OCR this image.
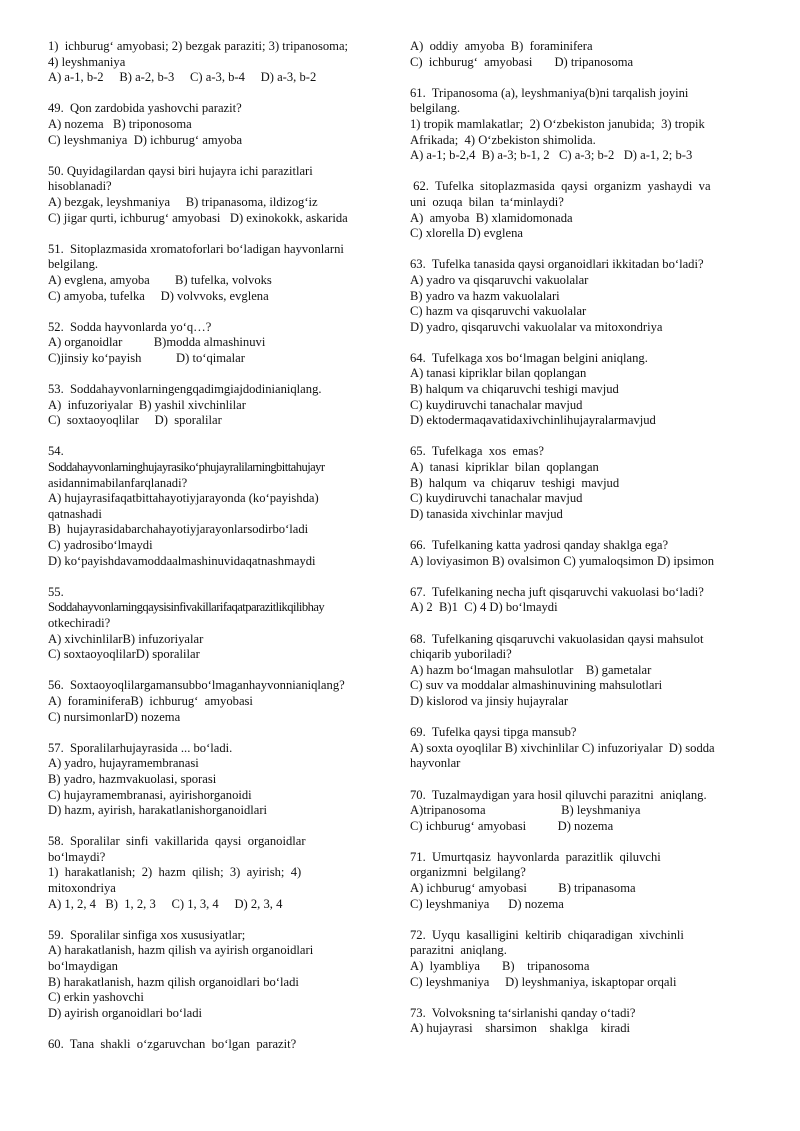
1)  ichburug‘ amyobasi; 2) bezgak paraziti; 3) tripanosoma;
4) leyshmaniya
A) a-1, b-2     B) a-2, b-3     C) a-3, b-4     D) a-3, b-2
49.  Qon zardobida yashovchi parazit?
A) nozema   B) triponosoma
C) leyshmaniya  D) ichburug‘ amyoba
50. Quyidagilardan qaysi biri hujayra ichi parazitlari
hisoblanadi?
A) bezgak, leyshmaniya     B) tripanasoma, ildizog‘iz
C) jigar qurti, ichburug‘ amyobasi   D) exinokokk, askarida
51.  Sitoplazmasida xromatoforlari bo‘ladigan hayvonlarni
belgilang.
A) evglena, amyoba        B) tufelka, volvoks
C) amyoba, tufelka     D) volvvoks, evglena
52.  Sodda hayvonlarda yo‘q…?
A) organoidlar          B)modda almashinuvi
C)jinsiy ko‘payish           D) to‘qimalar
53.  Soddahayvonlarningengqadimgiajdodinianiqlang.
A)  infuzoriyalar  B) yashil xivchinlilar
C)  soxtaoyoqlilar     D)  sporalilar
54.
Soddahayvonlarninghujayrasiko‘phujayralilarningbittahujayr
asidannimabilanfarqlanadi?
A) hujayrasifaqatbittahayotiyjarayonda (ko‘payishda)
qatnashadi
B)  hujayrasidabarchahayotiyjarayonlarsodirbo‘ladi
C) yadrosibo‘lmaydi
D) ko‘payishdavamoddaalmashinuvidaqatnashmaydi
55.
Soddahayvonlarningqaysisinfivakillarifaqatparazitlikqilibhay
otkechiradi?
A) xivchinlilarB) infuzoriyalar
C) soxtaoyoqlilarD) sporalilar
56.  Soxtaoyoqlilargamansubbo‘lmaganhayvonnianiqlang?
A)  foraminiferaB)  ichburug‘  amyobasi
C) nursimonlarD) nozema
57.  Sporalilarhujayrasida ... bo‘ladi.
A) yadro, hujayramembranasi
B) yadro, hazmvakuolasi, sporasi
C) hujayramembranasi, ayirishorganoidi
D) hazm, ayirish, harakatlanishorganoidlari
58.  Sporalilar  sinfi  vakillarida  qaysi  organoidlar
bo‘lmaydi?
1)  harakatlanish;  2)  hazm  qilish;  3)  ayirish;  4)
mitoxondriya
A) 1, 2, 4   B)  1, 2, 3     C) 1, 3, 4     D) 2, 3, 4
59.  Sporalilar sinfiga xos xususiyatlar;
A) harakatlanish, hazm qilish va ayirish organoidlari
bo‘lmaydigan
B) harakatlanish, hazm qilish organoidlari bo‘ladi
C) erkin yashovchi
D) ayirish organoidlari bo‘ladi
60.  Tana  shakli  o‘zgaruvchan  bo‘lgan  parazit?
A)  oddiy  amyoba  B)  foraminifera
C)  ichburug‘  amyobasi       D) tripanosoma
61.  Tripanosoma (a), leyshmaniya(b)ni tarqalish joyini
belgilang.
1) tropik mamlakatlar;  2) O‘zbekiston janubida;  3) tropik
Afrikada;  4) O‘zbekiston shimolida.
A) a-1; b-2,4  B) a-3; b-1, 2   C) a-3; b-2   D) a-1, 2; b-3
62.  Tufelka  sitoplazmasida  qaysi  organizm  yashaydi  va
uni  ozuqa  bilan  ta‘minlaydi?
A)  amyoba  B) xlamidomonada
C) xlorella D) evglena
63.  Tufelka tanasida qaysi organoidlari ikkitadan bo‘ladi?
A) yadro va qisqaruvchi vakuolalar
B) yadro va hazm vakuolalari
C) hazm va qisqaruvchi vakuolalar
D) yadro, qisqaruvchi vakuolalar va mitoxondriya
64.  Tufelkaga xos bo‘lmagan belgini aniqlang.
A) tanasi kipriklar bilan qoplangan
B) halqum va chiqaruvchi teshigi mavjud
C) kuydiruvchi tanachalar mavjud
D) ektodermaqavatidaxivchinlihujayralarmavjud
65.  Tufelkaga  xos  emas?
A)  tanasi  kipriklar  bilan  qoplangan
B)  halqum  va  chiqaruv  teshigi  mavjud
C) kuydiruvchi tanachalar mavjud
D) tanasida xivchinlar mavjud
66.  Tufelkaning katta yadrosi qanday shaklga ega?
A) loviyasimon B) ovalsimon C) yumaloqsimon D) ipsimon
67.  Tufelkaning necha juft qisqaruvchi vakuolasi bo‘ladi?
A) 2  B)1  C) 4 D) bo‘lmaydi
68.  Tufelkaning qisqaruvchi vakuolasidan qaysi mahsulot
chiqarib yuboriladi?
A) hazm bo‘lmagan mahsulotlar    B) gametalar
C) suv va moddalar almashinuvining mahsulotlari
D) kislorod va jinsiy hujayralar
69.  Tufelka qaysi tipga mansub?
A) soxta oyoqlilar B) xivchinlilar C) infuzoriyalar  D) sodda
hayvonlar
70.  Tuzalmaydigan yara hosil qiluvchi parazitni  aniqlang.
A)tripanosoma                        B) leyshmaniya
C) ichburug‘ amyobasi          D) nozema
71.  Umurtqasiz  hayvonlarda  parazitlik  qiluvchi
organizmni  belgilang?
A) ichburug‘ amyobasi          B) tripanasoma
C) leyshmaniya      D) nozema
72.  Uyqu  kasalligini  keltirib  chiqaradigan  xivchinli
parazitni  aniqlang.
A)  lyambliya       B)    tripanosoma
C) leyshmaniya     D) leyshmaniya, iskaptopar orqali
73.  Volvoksning ta‘sirlanishi qanday o‘tadi?
A) hujayrasi    sharsimon    shaklga    kiradi
